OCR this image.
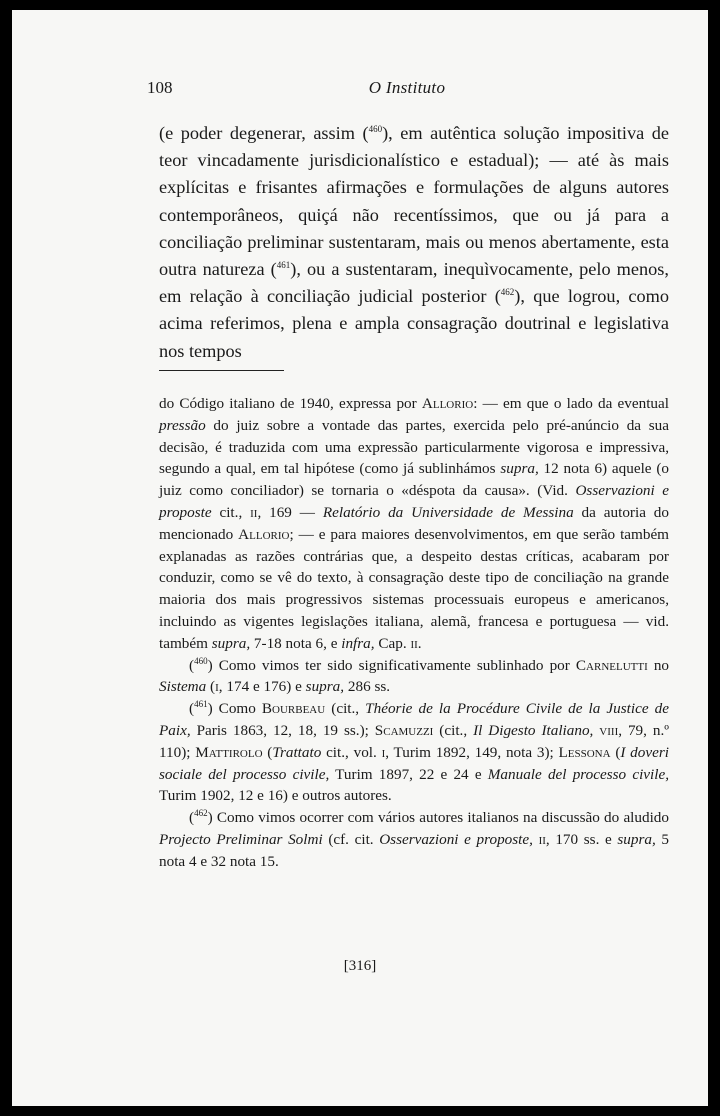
108	O Instituto

(e poder degenerar, assim ($^{460}$), em autêntica solução impositiva de teor vincadamente jurisdicionalístico e estadual); — até às mais explícitas e frisantes afirmações e formulações de alguns autores contemporâneos, quiçá não recentíssimos, que ou já para a conciliação preliminar sustentaram, mais ou menos abertamente, esta outra natureza ($^{461}$), ou a sustentaram, inequìvocamente, pelo menos, em relação à conciliação judicial posterior ($^{462}$), que logrou, como acima referimos, plena e ampla consagração doutrinal e legislativa nos tempos

do Código italiano de 1940, expressa por Allorio: — em que o lado da eventual pressão do juiz sobre a vontade das partes, exercida pelo pré-anúncio da sua decisão, é traduzida com uma expressão particularmente vigorosa e impressiva, segundo a qual, em tal hipótese (como já sublinhámos supra, 12 nota 6) aquele (o juiz como conciliador) se tornaria o «déspota da causa». (Vid. Osservazioni e proposte cit., ii, 169 — Relatório da Universidade de Messina da autoria do mencionado Allorio; — e para maiores desenvolvimentos, em que serão também explanadas as razões contrárias que, a despeito destas críticas, acabaram por conduzir, como se vê do texto, à consagração deste tipo de conciliação na grande maioria dos mais progressivos sistemas processuais europeus e americanos, incluindo as vigentes legislações italiana, alemã, francesa e portuguesa — vid. também supra, 7-18 nota 6, e infra, Cap. ii.

($^{460}$) Como vimos ter sido significativamente sublinhado por Carnelutti no Sistema (i, 174 e 176) e supra, 286 ss.

($^{461}$) Como Bourbeau (cit., Théorie de la Procédure Civile de la Justice de Paix, Paris 1863, 12, 18, 19 ss.); Scamuzzi (cit., Il Digesto Italiano, viii, 79, n.º 110); Mattirolo (Trattato cit., vol. i, Turim 1892, 149, nota 3); Lessona (I doveri sociale del processo civile, Turim 1897, 22 e 24 e Manuale del processo civile, Turim 1902, 12 e 16) e outros autores.

($^{462}$) Como vimos ocorrer com vários autores italianos na discussão do aludido Projecto Preliminar Solmi (cf. cit. Osservazioni e proposte, ii, 170 ss. e supra, 5 nota 4 e 32 nota 15.

[316]
